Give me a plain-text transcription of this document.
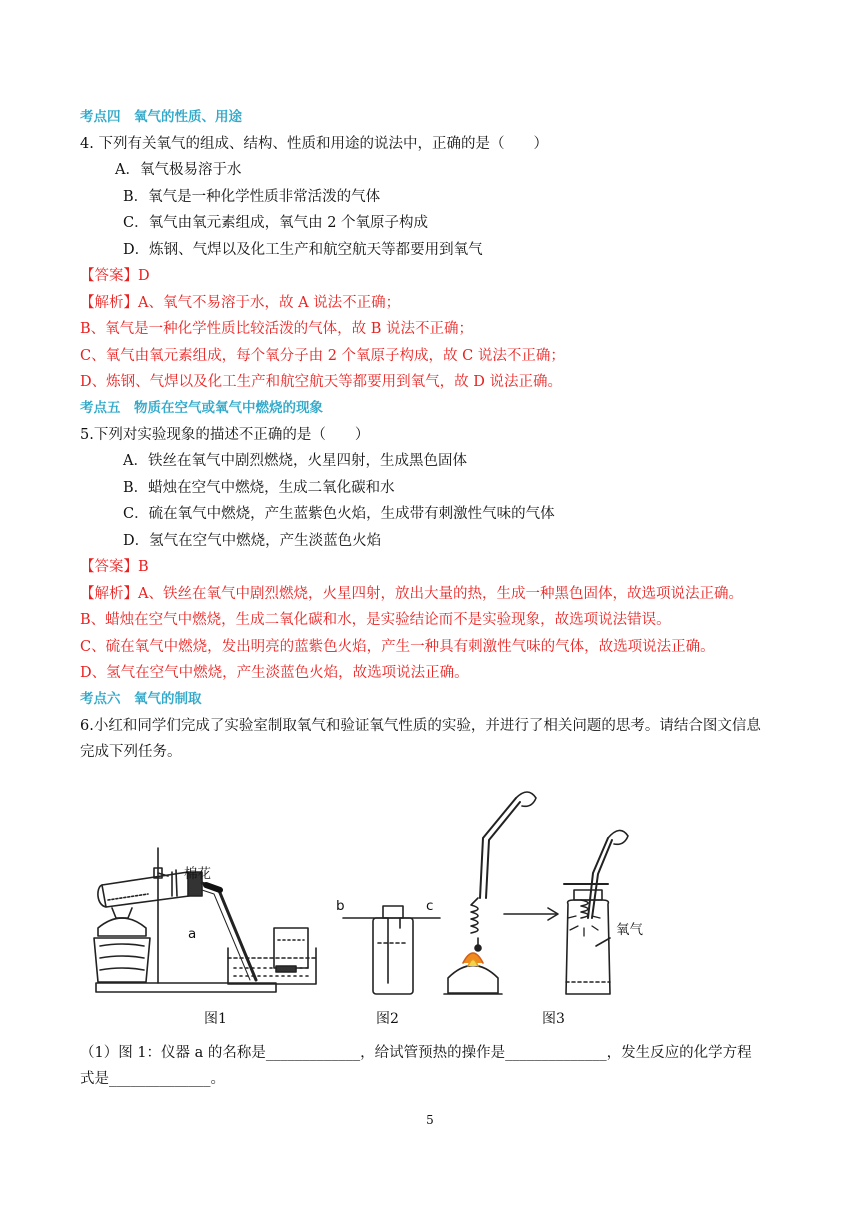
考点四　氧气的性质、用途
4. 下列有关氧气的组成、结构、性质和用途的说法中，正确的是（　　）
A．氧气极易溶于水
B．氧气是一种化学性质非常活泼的气体
C．氧气由氧元素组成，氧气由 2 个氧原子构成
D．炼钢、气焊以及化工生产和航空航天等都要用到氧气
【答案】D
【解析】A、氧气不易溶于水，故 A 说法不正确；
B、氧气是一种化学性质比较活泼的气体，故 B 说法不正确；
C、氧气由氧元素组成，每个氧分子由 2 个氧原子构成，故 C 说法不正确；
D、炼钢、气焊以及化工生产和航空航天等都要用到氧气，故 D 说法正确。
考点五　物质在空气或氧气中燃烧的现象
5.下列对实验现象的描述不正确的是（　　）
A．铁丝在氧气中剧烈燃烧，火星四射，生成黑色固体
B．蜡烛在空气中燃烧，生成二氧化碳和水
C．硫在氧气中燃烧，产生蓝紫色火焰，生成带有刺激性气味的气体
D．氢气在空气中燃烧，产生淡蓝色火焰
【答案】B
【解析】A、铁丝在氧气中剧烈燃烧，火星四射，放出大量的热，生成一种黑色固体，故选项说法正确。
B、蜡烛在空气中燃烧，生成二氧化碳和水，是实验结论而不是实验现象，故选项说法错误。
C、硫在氧气中燃烧，发出明亮的蓝紫色火焰，产生一种具有刺激性气味的气体，故选项说法正确。
D、氢气在空气中燃烧，产生淡蓝色火焰，故选项说法正确。
考点六　氧气的制取
6.小红和同学们完成了实验室制取氧气和验证氧气性质的实验，并进行了相关问题的思考。请结合图文信息
完成下列任务。
棉花
a
b	c
氧气
图1	图2	图3
（1）图 1：仪器 a 的名称是_____________，给试管预热的操作是______________，发生反应的化学方程
式是______________。
5
